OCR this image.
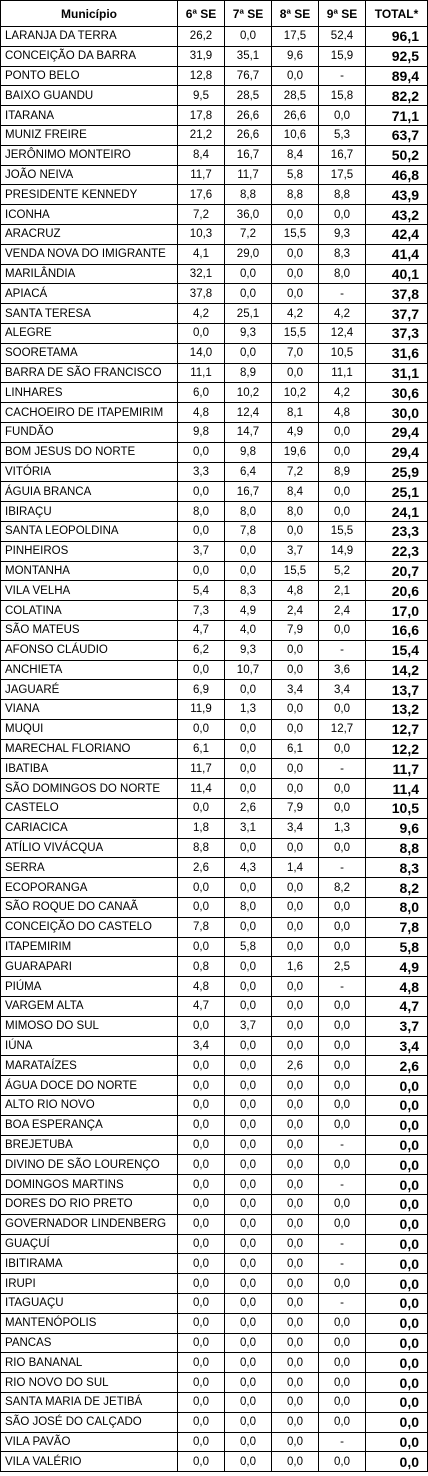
Município	6ª SE	7ª SE	8ª SE	9ª SE	TOTAL*
LARANJA DA TERRA	26,2	0,0	17,5	52,4	96,1
CONCEIÇÃO DA BARRA	31,9	35,1	9,6	15,9	92,5
PONTO BELO	12,8	76,7	0,0	-	89,4
BAIXO GUANDU	9,5	28,5	28,5	15,8	82,2
ITARANA	17,8	26,6	26,6	0,0	71,1
MUNIZ FREIRE	21,2	26,6	10,6	5,3	63,7
JERÔNIMO MONTEIRO	8,4	16,7	8,4	16,7	50,2
JOÃO NEIVA	11,7	11,7	5,8	17,5	46,8
PRESIDENTE KENNEDY	17,6	8,8	8,8	8,8	43,9
ICONHA	7,2	36,0	0,0	0,0	43,2
ARACRUZ	10,3	7,2	15,5	9,3	42,4
VENDA NOVA DO IMIGRANTE	4,1	29,0	0,0	8,3	41,4
MARILÂNDIA	32,1	0,0	0,0	8,0	40,1
APIACÁ	37,8	0,0	0,0	-	37,8
SANTA TERESA	4,2	25,1	4,2	4,2	37,7
ALEGRE	0,0	9,3	15,5	12,4	37,3
SOORETAMA	14,0	0,0	7,0	10,5	31,6
BARRA DE SÃO FRANCISCO	11,1	8,9	0,0	11,1	31,1
LINHARES	6,0	10,2	10,2	4,2	30,6
CACHOEIRO DE ITAPEMIRIM	4,8	12,4	8,1	4,8	30,0
FUNDÃO	9,8	14,7	4,9	0,0	29,4
BOM JESUS DO NORTE	0,0	9,8	19,6	0,0	29,4
VITÓRIA	3,3	6,4	7,2	8,9	25,9
ÁGUIA BRANCA	0,0	16,7	8,4	0,0	25,1
IBIRAÇU	8,0	8,0	8,0	0,0	24,1
SANTA LEOPOLDINA	0,0	7,8	0,0	15,5	23,3
PINHEIROS	3,7	0,0	3,7	14,9	22,3
MONTANHA	0,0	0,0	15,5	5,2	20,7
VILA VELHA	5,4	8,3	4,8	2,1	20,6
COLATINA	7,3	4,9	2,4	2,4	17,0
SÃO MATEUS	4,7	4,0	7,9	0,0	16,6
AFONSO CLÁUDIO	6,2	9,3	0,0	-	15,4
ANCHIETA	0,0	10,7	0,0	3,6	14,2
JAGUARÉ	6,9	0,0	3,4	3,4	13,7
VIANA	11,9	1,3	0,0	0,0	13,2
MUQUI	0,0	0,0	0,0	12,7	12,7
MARECHAL FLORIANO	6,1	0,0	6,1	0,0	12,2
IBATIBA	11,7	0,0	0,0	-	11,7
SÃO DOMINGOS DO NORTE	11,4	0,0	0,0	0,0	11,4
CASTELO	0,0	2,6	7,9	0,0	10,5
CARIACICA	1,8	3,1	3,4	1,3	9,6
ATÍLIO VIVÁCQUA	8,8	0,0	0,0	0,0	8,8
SERRA	2,6	4,3	1,4	-	8,3
ECOPORANGA	0,0	0,0	0,0	8,2	8,2
SÃO ROQUE DO CANAÃ	0,0	8,0	0,0	0,0	8,0
CONCEIÇÃO DO CASTELO	7,8	0,0	0,0	0,0	7,8
ITAPEMIRIM	0,0	5,8	0,0	0,0	5,8
GUARAPARI	0,8	0,0	1,6	2,5	4,9
PIÚMA	4,8	0,0	0,0	-	4,8
VARGEM ALTA	4,7	0,0	0,0	0,0	4,7
MIMOSO DO SUL	0,0	3,7	0,0	0,0	3,7
IÚNA	3,4	0,0	0,0	0,0	3,4
MARATAÍZES	0,0	0,0	2,6	0,0	2,6
ÁGUA DOCE DO NORTE	0,0	0,0	0,0	0,0	0,0
ALTO RIO NOVO	0,0	0,0	0,0	0,0	0,0
BOA ESPERANÇA	0,0	0,0	0,0	0,0	0,0
BREJETUBA	0,0	0,0	0,0	-	0,0
DIVINO DE SÃO LOURENÇO	0,0	0,0	0,0	0,0	0,0
DOMINGOS MARTINS	0,0	0,0	0,0	-	0,0
DORES DO RIO PRETO	0,0	0,0	0,0	0,0	0,0
GOVERNADOR LINDENBERG	0,0	0,0	0,0	0,0	0,0
GUAÇUÍ	0,0	0,0	0,0	-	0,0
IBITIRAMA	0,0	0,0	0,0	-	0,0
IRUPI	0,0	0,0	0,0	0,0	0,0
ITAGUAÇU	0,0	0,0	0,0	-	0,0
MANTENÓPOLIS	0,0	0,0	0,0	0,0	0,0
PANCAS	0,0	0,0	0,0	0,0	0,0
RIO BANANAL	0,0	0,0	0,0	0,0	0,0
RIO NOVO DO SUL	0,0	0,0	0,0	0,0	0,0
SANTA MARIA DE JETIBÁ	0,0	0,0	0,0	0,0	0,0
SÃO JOSÉ DO CALÇADO	0,0	0,0	0,0	0,0	0,0
VILA PAVÃO	0,0	0,0	0,0	-	0,0
VILA VALÉRIO	0,0	0,0	0,0	0,0	0,0
